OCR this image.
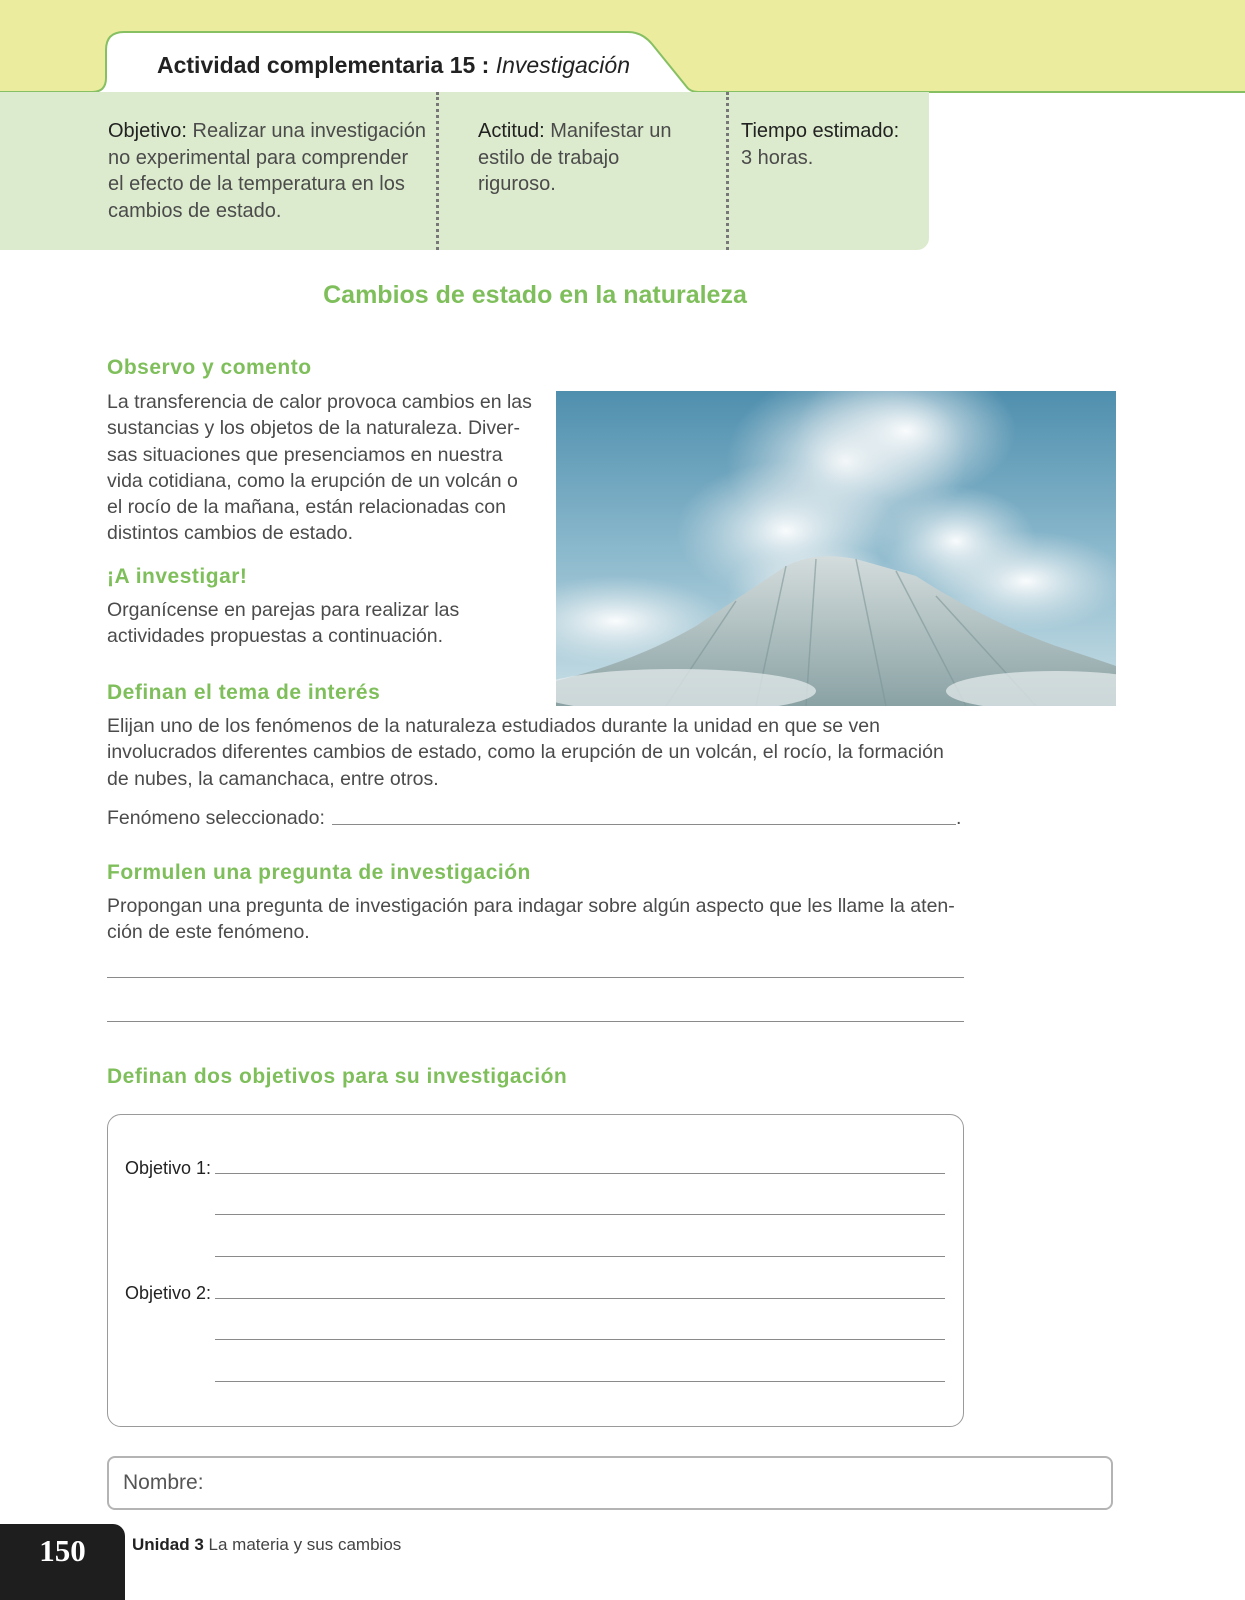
Actividad complementaria 15 : Investigación
Objetivo: Realizar una investigación no experimental para comprender el efecto de la temperatura en los cambios de estado.
Actitud: Manifestar un estilo de trabajo riguroso.
Tiempo estimado:
3 horas.
Cambios de estado en la naturaleza
Observo y comento
La transferencia de calor provoca cambios en las sustancias y los objetos de la naturaleza. Diversas situaciones que presenciamos en nuestra vida cotidiana, como la erupción de un volcán o el rocío de la mañana, están relacionadas con distintos cambios de estado.
¡A investigar!
Organícense en parejas para realizar las actividades propuestas a continuación.
Definan el tema de interés
Elijan uno de los fenómenos de la naturaleza estudiados durante la unidad en que se ven involucrados diferentes cambios de estado, como la erupción de un volcán, el rocío, la formación de nubes, la camanchaca, entre otros.
Fenómeno seleccionado:	.
Formulen una pregunta de investigación
Propongan una pregunta de investigación para indagar sobre algún aspecto que les llame la atención de este fenómeno.
Definan dos objetivos para su investigación
Objetivo 1:
Objetivo 2:
Nombre:
150	Unidad 3 La materia y sus cambios
